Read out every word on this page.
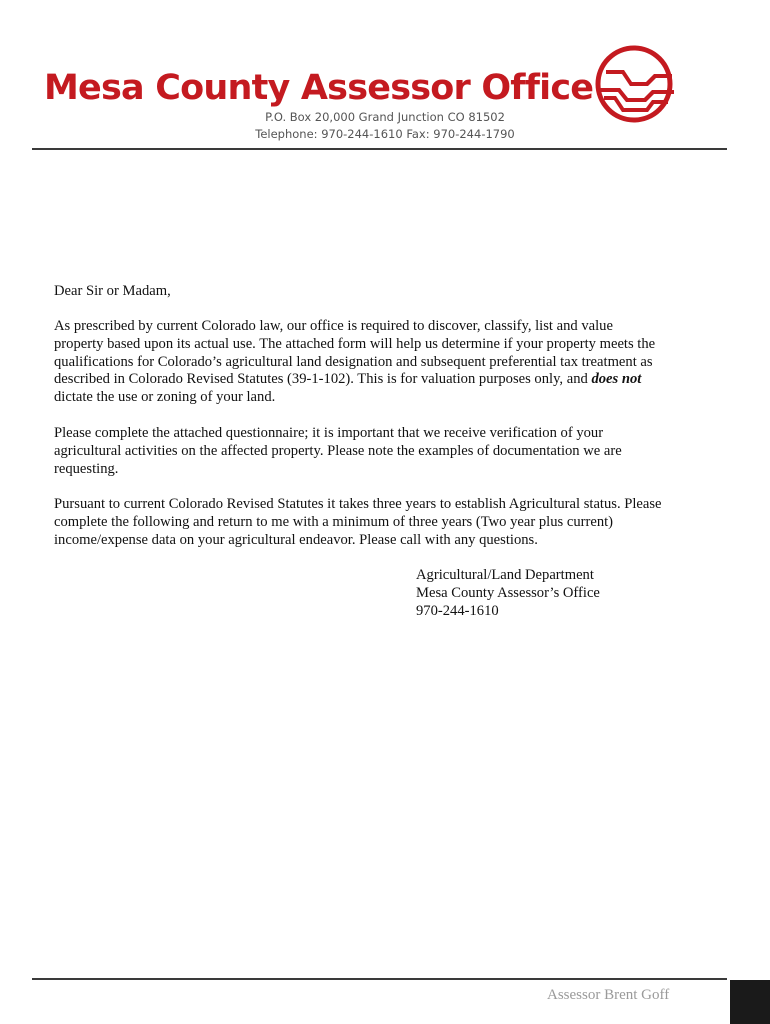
Mesa County Assessor Office
P.O. Box 20,000 Grand Junction CO 81502
Telephone: 970-244-1610 Fax: 970-244-1790
Dear Sir or Madam,

As prescribed by current Colorado law, our office is required to discover, classify, list and value property based upon its actual use. The attached form will help us determine if your property meets the qualifications for Colorado’s agricultural land designation and subsequent preferential tax treatment as described in Colorado Revised Statutes (39-1-102). This is for valuation purposes only, and does not dictate the use or zoning of your land.

Please complete the attached questionnaire; it is important that we receive verification of your agricultural activities on the affected property. Please note the examples of documentation we are requesting.

Pursuant to current Colorado Revised Statutes it takes three years to establish Agricultural status. Please complete the following and return to me with a minimum of three years (Two year plus current) income/expense data on your agricultural endeavor. Please call with any questions.

Agricultural/Land Department
Mesa County Assessor’s Office
970-244-1610
Assessor Brent Goff
